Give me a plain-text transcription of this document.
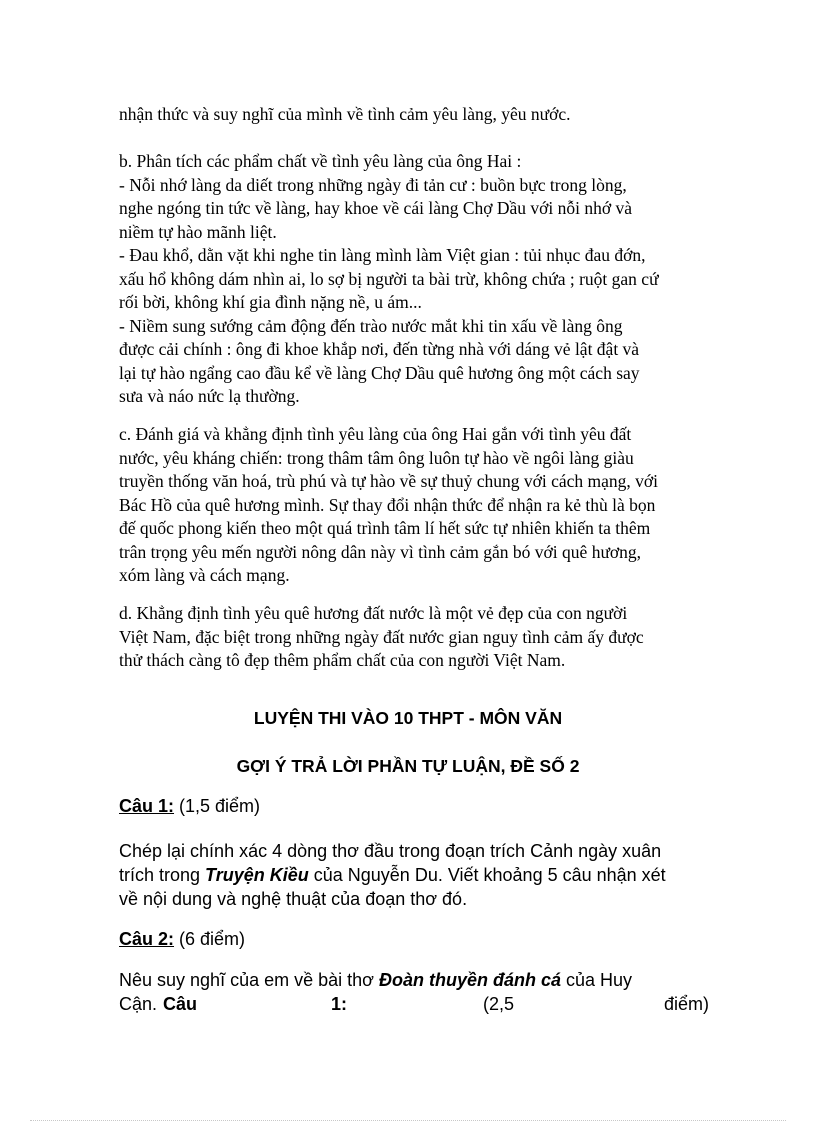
nhận thức và suy nghĩ của mình về tình cảm yêu làng, yêu nước.

b. Phân tích các phẩm chất về tình yêu làng của ông Hai :
- Nỗi nhớ làng da diết trong những ngày đi tản cư : buồn bực trong lòng,
nghe ngóng tin tức về làng, hay khoe về cái làng Chợ Dầu với nỗi nhớ và
niềm tự hào mãnh liệt.
- Đau khổ, dằn vặt khi nghe tin làng mình làm Việt gian : tủi nhục đau đớn,
xấu hổ không dám nhìn ai, lo sợ bị người ta bài trừ, không chứa ; ruột gan cứ
rối bời, không khí gia đình nặng nề, u ám...
- Niềm sung sướng cảm động đến trào nước mắt khi tin xấu về làng ông
được cải chính : ông đi khoe khắp nơi, đến từng nhà với dáng vẻ lật đật và
lại tự hào ngẩng cao đầu kể về làng Chợ Dầu quê hương ông một cách say
sưa và náo nức lạ thường.

c. Đánh giá và khẳng định tình yêu làng của ông Hai gắn với tình yêu đất
nước, yêu kháng chiến: trong thâm tâm ông luôn tự hào về ngôi làng giàu
truyền thống văn hoá, trù phú và tự hào về sự thuỷ chung với cách mạng, với
Bác Hồ của quê hương mình. Sự thay đổi nhận thức để nhận ra kẻ thù là bọn
đế quốc phong kiến theo một quá trình tâm lí hết sức tự nhiên khiến ta thêm
trân trọng yêu mến người nông dân này vì tình cảm gắn bó với quê hương,
xóm làng và cách mạng.

d. Khẳng định tình yêu quê hương đất nước là một vẻ đẹp của con người
Việt Nam, đặc biệt trong những ngày đất nước gian nguy tình cảm ấy được
thử thách càng tô đẹp thêm phẩm chất của con người Việt Nam.

LUYỆN THI VÀO 10 THPT - MÔN VĂN
GỢI Ý TRẢ LỜI PHẦN TỰ LUẬN, ĐỀ SỐ 2

Câu 1: (1,5 điểm)

Chép lại chính xác 4 dòng thơ đầu trong đoạn trích Cảnh ngày xuân
trích trong Truyện Kiều của Nguyễn Du. Viết khoảng 5 câu nhận xét
về nội dung và nghệ thuật của đoạn thơ đó.

Câu 2: (6 điểm)

Nêu suy nghĩ của em về bài thơ Đoàn thuyền đánh cá của Huy
Cận. Câu	1:	(2,5	điểm)
